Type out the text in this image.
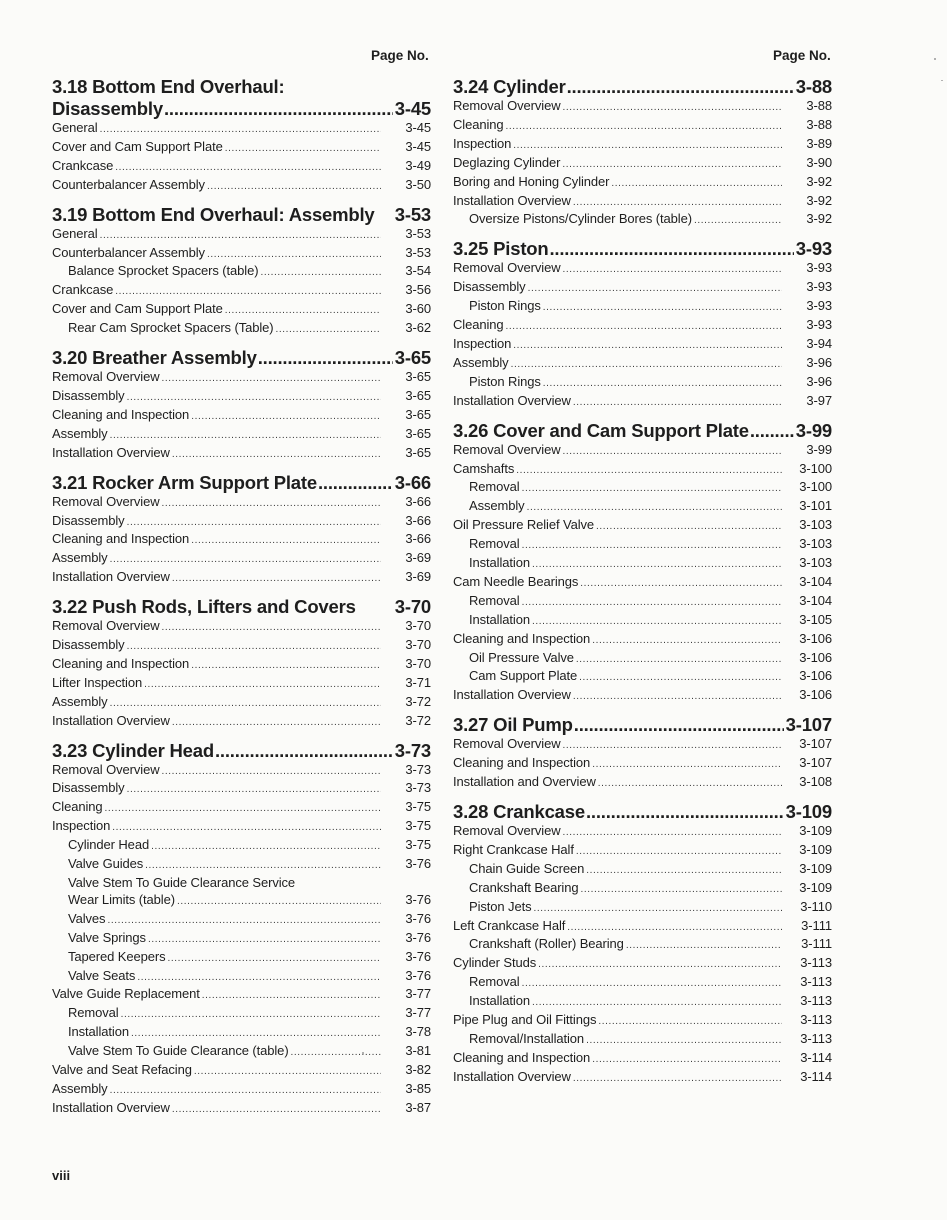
Page No.	Page No.
3.18 Bottom End Overhaul:
Disassembly .....	3-45
General .....	3-45
Cover and Cam Support Plate .....	3-45
Crankcase .....	3-49
Counterbalancer Assembly .....	3-50
3.19 Bottom End Overhaul: Assembly 3-53
General .....	3-53
Counterbalancer Assembly .....	3-53
Balance Sprocket Spacers (table) .....	3-54
Crankcase .....	3-56
Cover and Cam Support Plate .....	3-60
Rear Cam Sprocket Spacers (Table) .....	3-62
3.20 Breather Assembly .....	3-65
Removal Overview .....	3-65
Disassembly .....	3-65
Cleaning and Inspection .....	3-65
Assembly .....	3-65
Installation Overview .....	3-65
3.21 Rocker Arm Support Plate .....	3-66
Removal Overview .....	3-66
Disassembly .....	3-66
Cleaning and Inspection .....	3-66
Assembly .....	3-69
Installation Overview .....	3-69
3.22 Push Rods, Lifters and Covers 3-70
Removal Overview .....	3-70
Disassembly .....	3-70
Cleaning and Inspection .....	3-70
Lifter Inspection .....	3-71
Assembly .....	3-72
Installation Overview .....	3-72
3.23 Cylinder Head .....	3-73
Removal Overview .....	3-73
Disassembly .....	3-73
Cleaning .....	3-75
Inspection .....	3-75
Cylinder Head .....	3-75
Valve Guides .....	3-76
Valve Stem To Guide Clearance Service
Wear Limits (table) .....	3-76
Valves .....	3-76
Valve Springs .....	3-76
Tapered Keepers .....	3-76
Valve Seats .....	3-76
Valve Guide Replacement .....	3-77
Removal .....	3-77
Installation .....	3-78
Valve Stem To Guide Clearance (table) .....	3-81
Valve and Seat Refacing .....	3-82
Assembly .....	3-85
Installation Overview .....	3-87
3.24 Cylinder .....	3-88
Removal Overview .....	3-88
Cleaning .....	3-88
Inspection .....	3-89
Deglazing Cylinder .....	3-90
Boring and Honing Cylinder .....	3-92
Installation Overview .....	3-92
Oversize Pistons/Cylinder Bores (table) .....	3-92
3.25 Piston .....	3-93
Removal Overview .....	3-93
Disassembly .....	3-93
Piston Rings .....	3-93
Cleaning .....	3-93
Inspection .....	3-94
Assembly .....	3-96
Piston Rings .....	3-96
Installation Overview .....	3-97
3.26 Cover and Cam Support Plate .....	3-99
Removal Overview .....	3-99
Camshafts .....	3-100
Removal .....	3-100
Assembly .....	3-101
Oil Pressure Relief Valve .....	3-103
Removal .....	3-103
Installation .....	3-103
Cam Needle Bearings .....	3-104
Removal .....	3-104
Installation .....	3-105
Cleaning and Inspection .....	3-106
Oil Pressure Valve .....	3-106
Cam Support Plate .....	3-106
Installation Overview .....	3-106
3.27 Oil Pump .....	3-107
Removal Overview .....	3-107
Cleaning and Inspection .....	3-107
Installation and Overview .....	3-108
3.28 Crankcase .....	3-109
Removal Overview .....	3-109
Right Crankcase Half .....	3-109
Chain Guide Screen .....	3-109
Crankshaft Bearing .....	3-109
Piston Jets .....	3-110
Left Crankcase Half .....	3-111
Crankshaft (Roller) Bearing .....	3-111
Cylinder Studs .....	3-113
Removal .....	3-113
Installation .....	3-113
Pipe Plug and Oil Fittings .....	3-113
Removal/Installation .....	3-113
Cleaning and Inspection .....	3-114
Installation Overview .....	3-114
viii
